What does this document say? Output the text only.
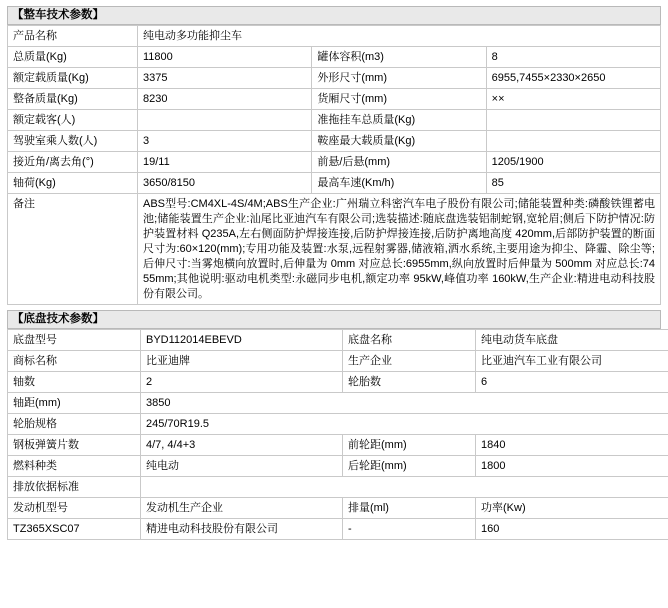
【整车技术参数】
产品名称	纯电动多功能抑尘车		
总质量(Kg)	11800	罐体容积(m3)	8
额定载质量(Kg)	3375	外形尺寸(mm)	6955,7455×2330×2650
整备质量(Kg)	8230	货厢尺寸(mm)	××
额定载客(人)		准拖挂车总质量(Kg)	
驾驶室乘人数(人)	3	鞍座最大载质量(Kg)	
接近角/离去角(°)	19/11	前悬/后悬(mm)	1205/1900
轴荷(Kg)	3650/8150	最高车速(Km/h)	85
备注	ABS型号:CM4XL-4S/4M;ABS生产企业:广州瑞立科密汽车电子股份有限公司;储能装置种类:磷酸铁锂蓄电池;储能装置生产企业:汕尾比亚迪汽车有限公司;选装描述:随底盘选装铝制蛇钢,宽轮眉;侧后下防护情况:防护装置材料 Q235A,左右侧面防护焊接连接,后防护焊接连接,后防护离地高度 420mm,后部防护装置的断面尺寸为:60×120(mm);专用功能及装置:水泵,远程射雾器,储液箱,洒水系统,主要用途为抑尘、降霾、除尘等;后伸尺寸:当雾炮横向放置时,后伸量为 0mm 对应总长:6955mm,纵向放置时后伸量为 500mm 对应总长:7455mm;其他说明:驱动电机类型:永磁同步电机,额定功率 95kW,峰值功率 160kW,生产企业:精进电动科技股份有限公司。		
【底盘技术参数】
底盘型号	BYD112014EBEVD	底盘名称	纯电动货车底盘
商标名称	比亚迪牌	生产企业	比亚迪汽车工业有限公司
轴数	2	轮胎数	6
轴距(mm)	3850		
轮胎规格	245/70R19.5		
钢板弹簧片数	4/7, 4/4+3	前轮距(mm)	1840
燃料种类	纯电动	后轮距(mm)	1800
排放依据标准			
发动机型号	发动机生产企业	排量(ml)	功率(Kw)
TZ365XSC07	精进电动科技股份有限公司	-	160
